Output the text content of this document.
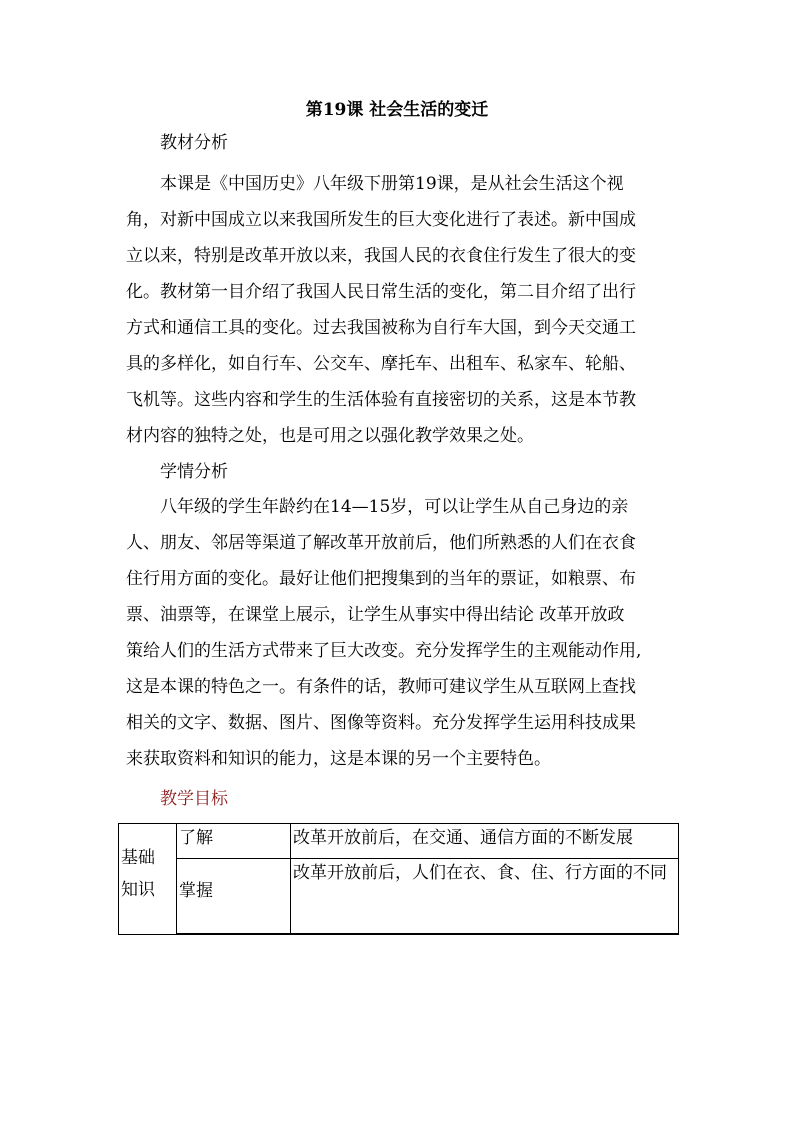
第19课 社会生活的变迁
教材分析
本课是《中国历史》八年级下册第19课，是从社会生活这个视
角，对新中国成立以来我国所发生的巨大变化进行了表述。新中国成
立以来，特别是改革开放以来，我国人民的衣食住行发生了很大的变
化。教材第一目介绍了我国人民日常生活的变化，第二目介绍了出行
方式和通信工具的变化。过去我国被称为自行车大国，到今天交通工
具的多样化，如自行车、公交车、摩托车、出租车、私家车、轮船、
飞机等。这些内容和学生的生活体验有直接密切的关系，这是本节教
材内容的独特之处，也是可用之以强化教学效果之处。
学情分析
八年级的学生年龄约在14—15岁，可以让学生从自己身边的亲
人、朋友、邻居等渠道了解改革开放前后，他们所熟悉的人们在衣食
住行用方面的变化。最好让他们把搜集到的当年的票证，如粮票、布
票、油票等，在课堂上展示，让学生从事实中得出结论 改革开放政
策给人们的生活方式带来了巨大改变。充分发挥学生的主观能动作用,
这是本课的特色之一。有条件的话，教师可建议学生从互联网上查找
相关的文字、数据、图片、图像等资料。充分发挥学生运用科技成果
来获取资料和知识的能力，这是本课的另一个主要特色。
教学目标
基础
知识	了解	改革开放前后，在交通、通信方面的不断发展
	掌握	改革开放前后，人们在衣、食、住、行方面的不同
